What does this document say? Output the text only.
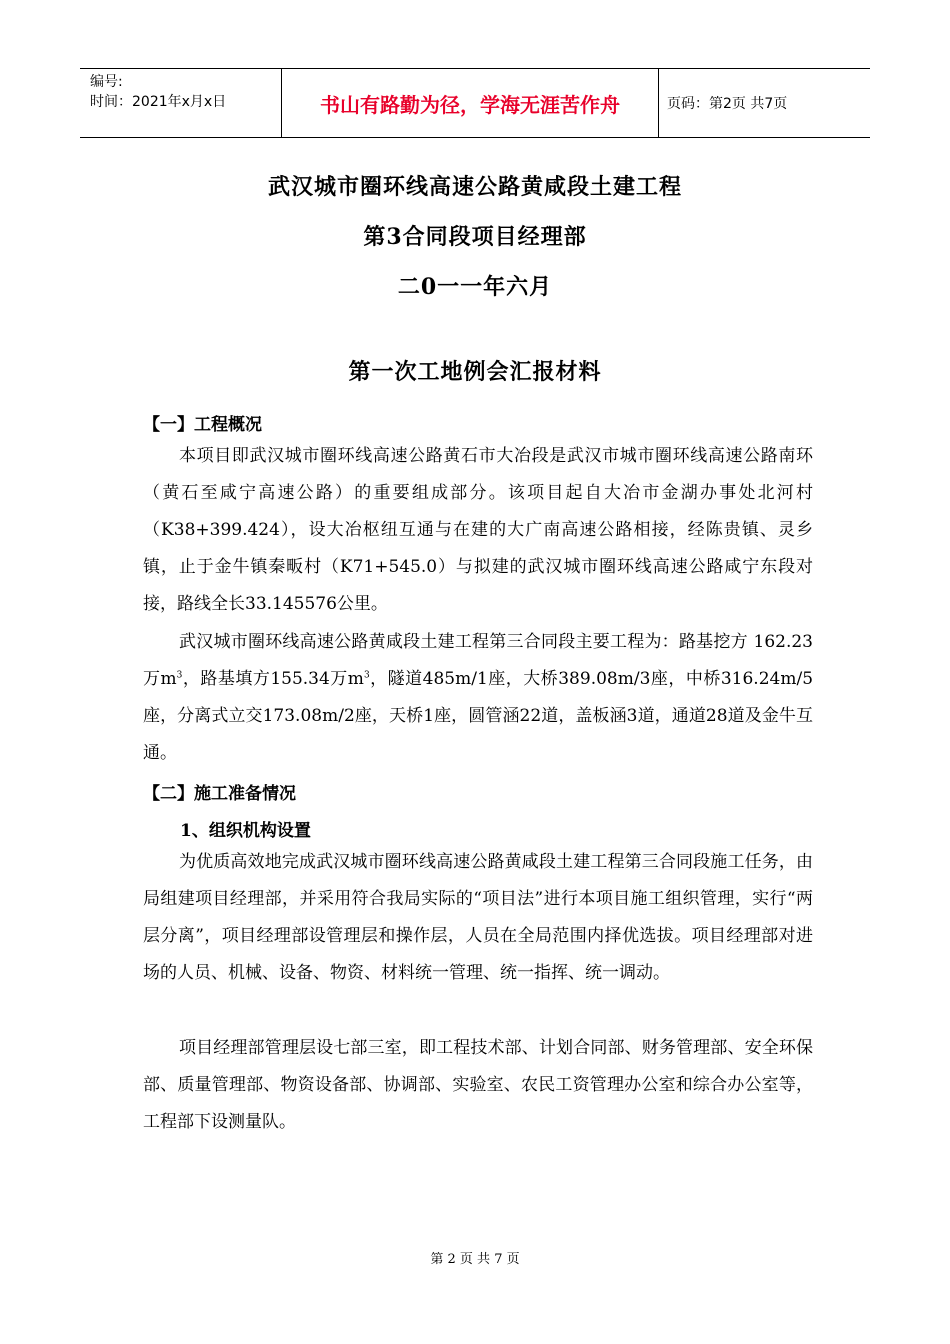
编号:
时间：2021年x月x日	书山有路勤为径，学海无涯苦作舟	页码：第2页 共7页
武汉城市圈环线高速公路黄咸段土建工程
第3合同段项目经理部
二0一一年六月
第一次工地例会汇报材料
【一】工程概况

本项目即武汉城市圈环线高速公路黄石市大冶段是武汉市城市圈环线高速公路南环（黄石至咸宁高速公路）的重要组成部分。该项目起自大冶市金湖办事处北河村（K38+399.424），设大冶枢纽互通与在建的大广南高速公路相接，经陈贵镇、灵乡镇，止于金牛镇秦畈村（K71+545.0）与拟建的武汉城市圈环线高速公路咸宁东段对接，路线全长33.145576公里。

武汉城市圈环线高速公路黄咸段土建工程第三合同段主要工程为：路基挖方 162.23万$m^3$，路基填方155.34万$m^3$，隧道485m/1座，大桥389.08m/3座，中桥316.24m/5座，分离式立交173.08m/2座，天桥1座，圆管涵22道，盖板涵3道，通道28道及金牛互通。

【二】施工准备情况
1、组织机构设置

为优质高效地完成武汉城市圈环线高速公路黄咸段土建工程第三合同段施工任务，由局组建项目经理部，并采用符合我局实际的“项目法”进行本项目施工组织管理，实行“两层分离”，项目经理部设管理层和操作层，人员在全局范围内择优选拔。项目经理部对进场的人员、机械、设备、物资、材料统一管理、统一指挥、统一调动。

项目经理部管理层设七部三室，即工程技术部、计划合同部、财务管理部、安全环保部、质量管理部、物资设备部、协调部、实验室、农民工资管理办公室和综合办公室等，工程部下设测量队。

第 2 页 共 7 页
